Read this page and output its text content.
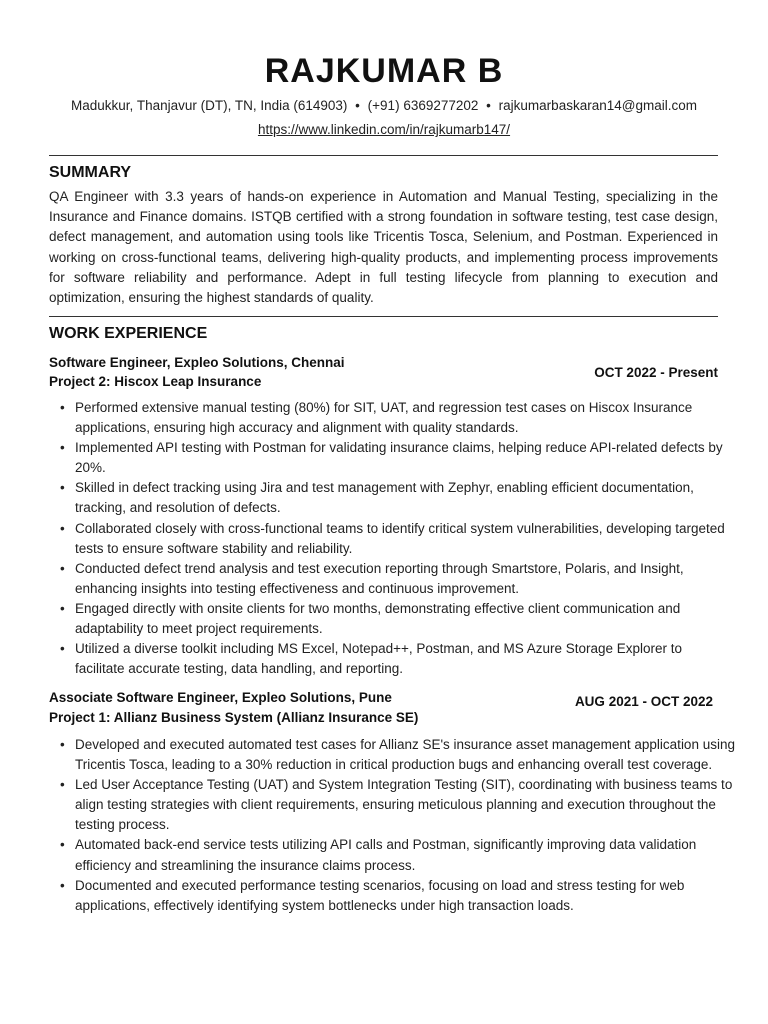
RAJKUMAR B
Madukkur, Thanjavur (DT), TN, India (614903) • (+91) 6369277202 • rajkumarbaskaran14@gmail.com
https://www.linkedin.com/in/rajkumarb147/
SUMMARY

QA Engineer with 3.3 years of hands-on experience in Automation and Manual Testing, specializing in the Insurance and Finance domains. ISTQB certified with a strong foundation in software testing, test case design, defect management, and automation using tools like Tricentis Tosca, Selenium, and Postman. Experienced in working on cross-functional teams, delivering high-quality products, and implementing process improvements for software reliability and performance. Adept in full testing lifecycle from planning to execution and optimization, ensuring the highest standards of quality.

WORK EXPERIENCE
Software Engineer, Expleo Solutions, Chennai
Project 2: Hiscox Leap Insurance
OCT 2022 - Present
• Performed extensive manual testing (80%) for SIT, UAT, and regression test cases on Hiscox Insurance applications, ensuring high accuracy and alignment with quality standards.
• Implemented API testing with Postman for validating insurance claims, helping reduce API-related defects by 20%.
• Skilled in defect tracking using Jira and test management with Zephyr, enabling efficient documentation, tracking, and resolution of defects.
• Collaborated closely with cross-functional teams to identify critical system vulnerabilities, developing targeted tests to ensure software stability and reliability.
• Conducted defect trend analysis and test execution reporting through Smartstore, Polaris, and Insight, enhancing insights into testing effectiveness and continuous improvement.
• Engaged directly with onsite clients for two months, demonstrating effective client communication and adaptability to meet project requirements.
• Utilized a diverse toolkit including MS Excel, Notepad++, Postman, and MS Azure Storage Explorer to facilitate accurate testing, data handling, and reporting.
Associate Software Engineer, Expleo Solutions, Pune
Project 1: Allianz Business System (Allianz Insurance SE)
AUG 2021 - OCT 2022
• Developed and executed automated test cases for Allianz SE's insurance asset management application using Tricentis Tosca, leading to a 30% reduction in critical production bugs and enhancing overall test coverage.
• Led User Acceptance Testing (UAT) and System Integration Testing (SIT), coordinating with business teams to align testing strategies with client requirements, ensuring meticulous planning and execution throughout the testing process.
• Automated back-end service tests utilizing API calls and Postman, significantly improving data validation efficiency and streamlining the insurance claims process.
• Documented and executed performance testing scenarios, focusing on load and stress testing for web applications, effectively identifying system bottlenecks under high transaction loads.
